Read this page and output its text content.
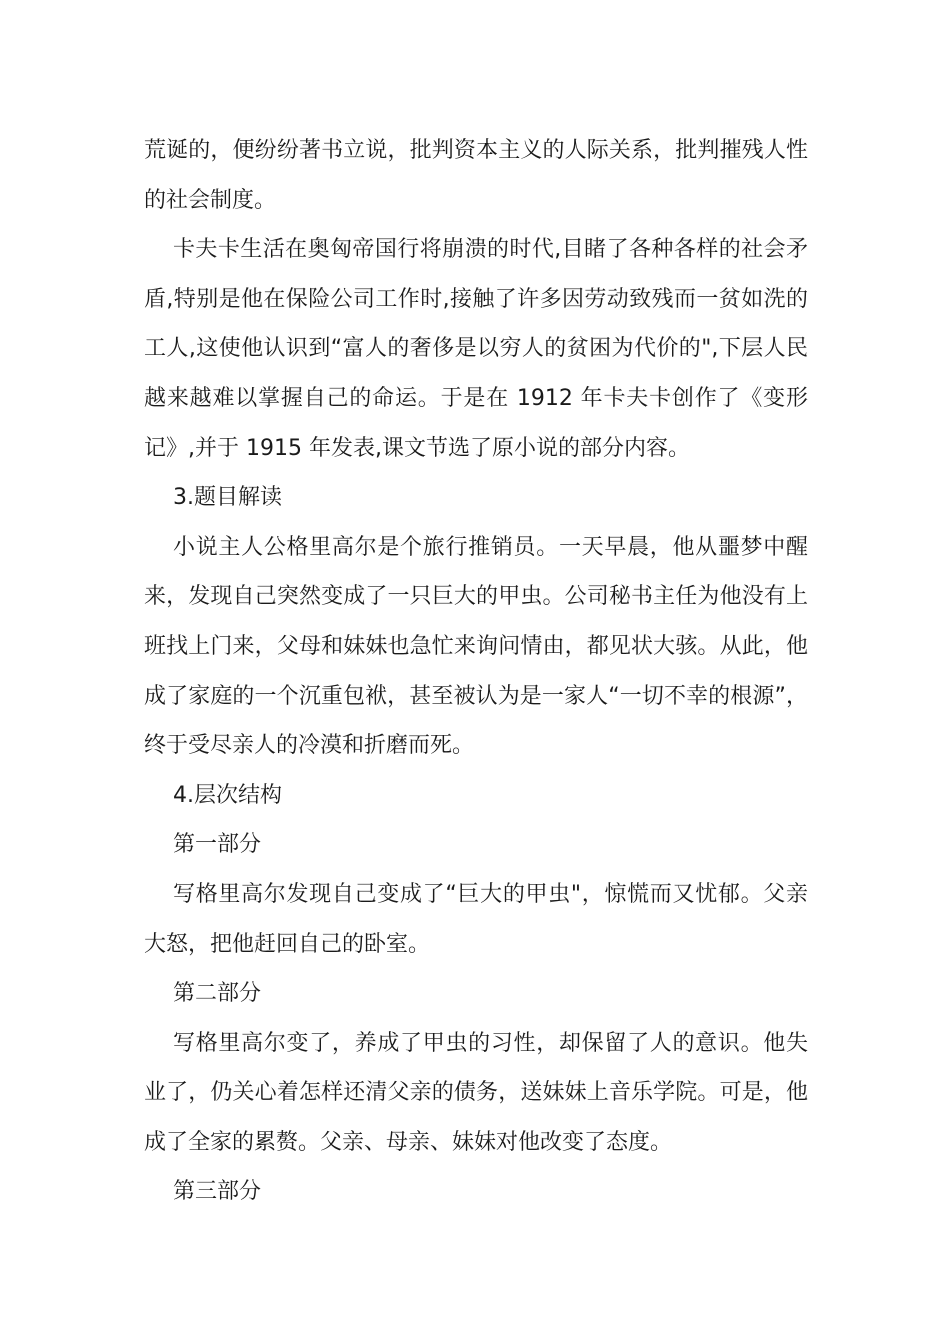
荒诞的，便纷纷著书立说，批判资本主义的人际关系，批判摧残人性的社会制度。

卡夫卡生活在奥匈帝国行将崩溃的时代,目睹了各种各样的社会矛盾,特别是他在保险公司工作时,接触了许多因劳动致残而一贫如洗的工人,这使他认识到“富人的奢侈是以穷人的贫困为代价的",下层人民越来越难以掌握自己的命运。于是在 1912 年卡夫卡创作了《变形记》,并于 1915 年发表,课文节选了原小说的部分内容。

3.题目解读

小说主人公格里高尔是个旅行推销员。一天早晨，他从噩梦中醒来，发现自己突然变成了一只巨大的甲虫。公司秘书主任为他没有上班找上门来，父母和妹妹也急忙来询问情由，都见状大骇。从此，他成了家庭的一个沉重包袱，甚至被认为是一家人“一切不幸的根源”，终于受尽亲人的冷漠和折磨而死。

4.层次结构

第一部分

写格里高尔发现自己变成了“巨大的甲虫"，惊慌而又忧郁。父亲大怒，把他赶回自己的卧室。

第二部分

写格里高尔变了，养成了甲虫的习性，却保留了人的意识。他失业了，仍关心着怎样还清父亲的债务，送妹妹上音乐学院。可是，他成了全家的累赘。父亲、母亲、妹妹对他改变了态度。

第三部分
